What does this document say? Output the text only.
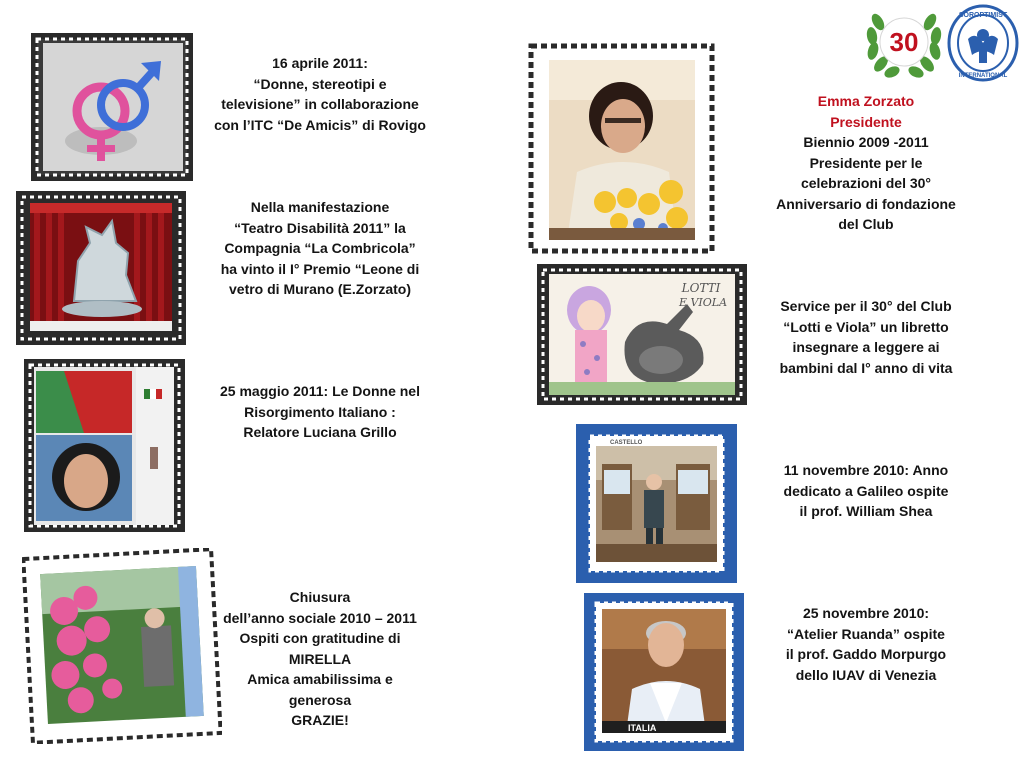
16 aprile 2011:
“Donne, stereotipi e
televisione” in collaborazione
con l’ITC “De Amicis” di Rovigo
Nella manifestazione
“Teatro Disabilità 2011” la
Compagnia “La Combricola”
ha vinto il I° Premio “Leone di
vetro di Murano (E.Zorzato)
25 maggio 2011: Le Donne nel
Risorgimento Italiano :
Relatore Luciana Grillo
Chiusura
dell’anno sociale 2010 – 2011
Ospiti con gratitudine di
MIRELLA
Amica amabilissima e
generosa
GRAZIE!
30
SOROPTIMIST
INTERNATIONAL
Emma Zorzato
Presidente
Biennio 2009 -2011
Presidente per le
celebrazioni del 30°
Anniversario di fondazione
del Club
LOTTI
E VIOLA	Service per il 30° del Club
“Lotti e Viola” un libretto
insegnare a leggere ai
bambini dal I° anno di vita
CASTELLO
11 novembre 2010: Anno
dedicato a Galileo ospite
il prof. William Shea
ITALIA
25 novembre 2010:
“Atelier Ruanda” ospite
il prof. Gaddo Morpurgo
dello IUAV di Venezia
